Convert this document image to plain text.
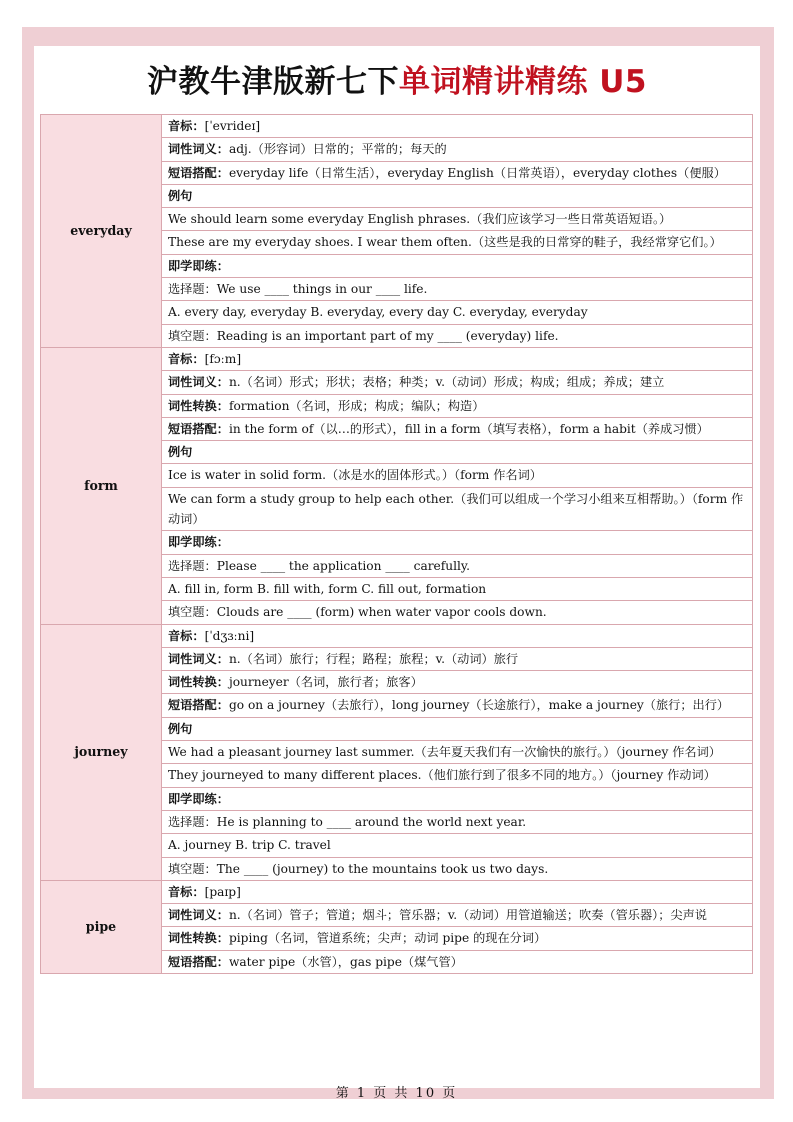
沪教牛津版新七下单词精讲精练 U5
everyday	音标：[ˈevrideɪ]
	词性词义：adj.（形容词）日常的；平常的；每天的
	短语搭配：everyday life（日常生活），everyday English（日常英语），everyday clothes（便服）
	例句
	We should learn some everyday English phrases.（我们应该学习一些日常英语短语。）
	These are my everyday shoes. I wear them often.（这些是我的日常穿的鞋子，我经常穿它们。）
	即学即练：
	选择题：We use ____ things in our ____ life.
	A. every day, everyday B. everyday, every day C. everyday, everyday
	填空题：Reading is an important part of my ____ (everyday) life.
form	音标：[fɔːm]
	词性词义：n.（名词）形式；形状；表格；种类；v.（动词）形成；构成；组成；养成；建立
	词性转换：formation（名词，形成；构成；编队；构造）
	短语搭配：in the form of（以…的形式），fill in a form（填写表格），form a habit（养成习惯）
	例句
	Ice is water in solid form.（冰是水的固体形式。）（form 作名词）
	We can form a study group to help each other.（我们可以组成一个学习小组来互相帮助。）（form 作动词）
	即学即练：
	选择题：Please ____ the application ____ carefully.
	A. fill in, form B. fill with, form C. fill out, formation
	填空题：Clouds are ____ (form) when water vapor cools down.
journey	音标：[ˈdʒɜːni]
	词性词义：n.（名词）旅行；行程；路程；旅程；v.（动词）旅行
	词性转换：journeyer（名词，旅行者；旅客）
	短语搭配：go on a journey（去旅行），long journey（长途旅行），make a journey（旅行；出行）
	例句
	We had a pleasant journey last summer.（去年夏天我们有一次愉快的旅行。）（journey 作名词）
	They journeyed to many different places.（他们旅行到了很多不同的地方。）（journey 作动词）
	即学即练：
	选择题：He is planning to ____ around the world next year.
	A. journey B. trip C. travel
	填空题：The ____ (journey) to the mountains took us two days.
pipe	音标：[paɪp]
	词性词义：n.（名词）管子；管道；烟斗；管乐器；v.（动词）用管道输送；吹奏（管乐器）；尖声说
	词性转换：piping（名词，管道系统；尖声；动词 pipe 的现在分词）
	短语搭配：water pipe（水管），gas pipe（煤气管）
第 1 页 共 10 页
